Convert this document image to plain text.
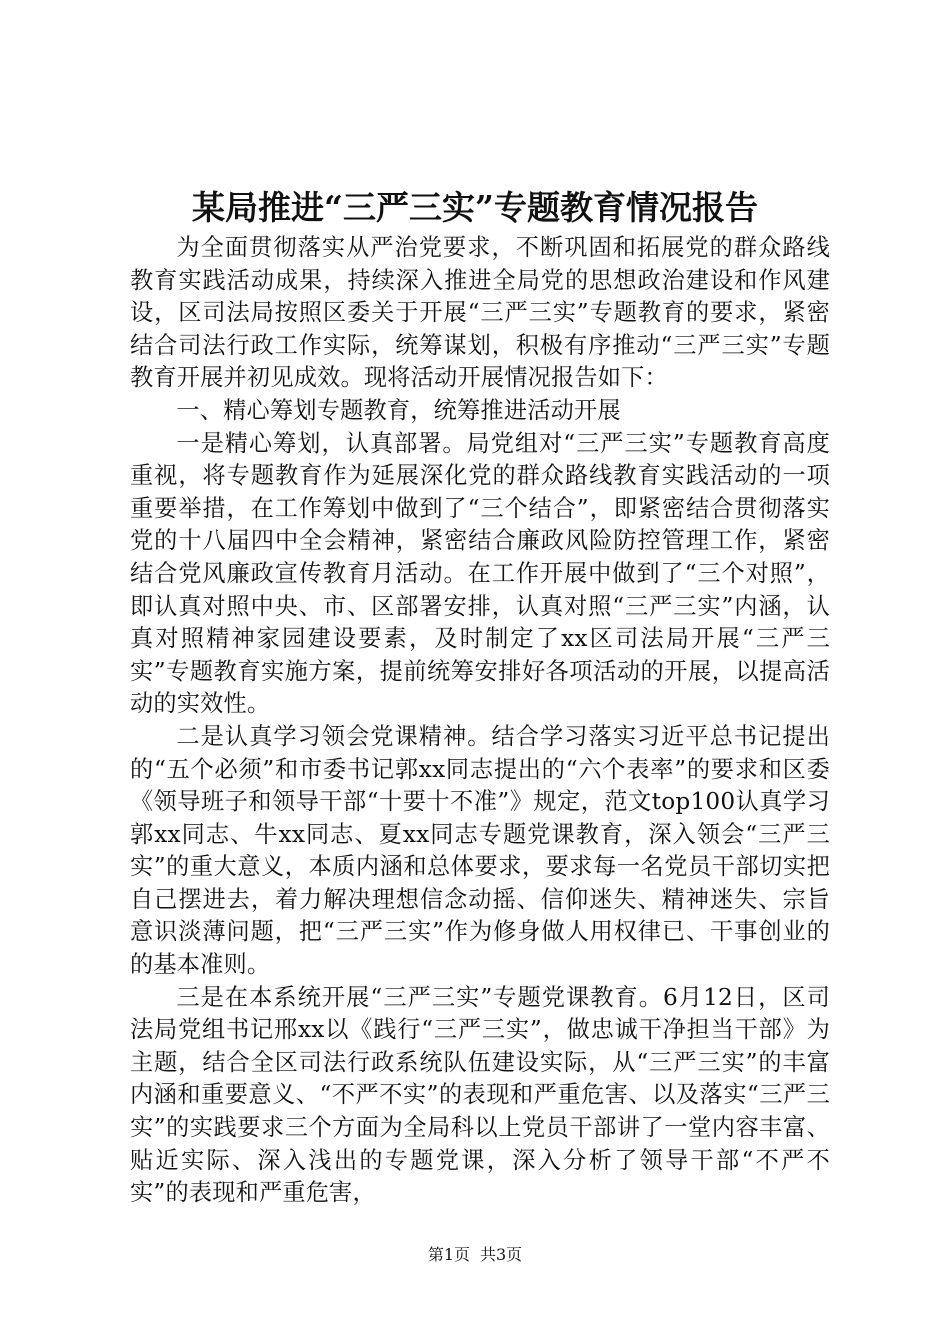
某局推进“三严三实”专题教育情况报告

为全面贯彻落实从严治党要求，不断巩固和拓展党的群众路线教育实践活动成果，持续深入推进全局党的思想政治建设和作风建设，区司法局按照区委关于开展“三严三实”专题教育的要求，紧密结合司法行政工作实际，统筹谋划，积极有序推动“三严三实”专题教育开展并初见成效。现将活动开展情况报告如下：

一、精心筹划专题教育，统筹推进活动开展

一是精心筹划，认真部署。局党组对“三严三实”专题教育高度重视，将专题教育作为延展深化党的群众路线教育实践活动的一项重要举措，在工作筹划中做到了“三个结合”，即紧密结合贯彻落实党的十八届四中全会精神，紧密结合廉政风险防控管理工作，紧密结合党风廉政宣传教育月活动。在工作开展中做到了“三个对照”，即认真对照中央、市、区部署安排，认真对照“三严三实”内涵，认真对照精神家园建设要素，及时制定了xx区司法局开展“三严三实”专题教育实施方案，提前统筹安排好各项活动的开展，以提高活动的实效性。

二是认真学习领会党课精神。结合学习落实习近平总书记提出的“五个必须”和市委书记郭xx同志提出的“六个表率”的要求和区委《领导班子和领导干部“十要十不准”》规定，范文top100认真学习郭xx同志、牛xx同志、夏xx同志专题党课教育，深入领会“三严三实”的重大意义，本质内涵和总体要求，要求每一名党员干部切实把自己摆进去，着力解决理想信念动摇、信仰迷失、精神迷失、宗旨意识淡薄问题，把“三严三实”作为修身做人用权律已、干事创业的的基本准则。

三是在本系统开展“三严三实”专题党课教育。6月12日，区司法局党组书记邢xx以《践行“三严三实”，做忠诚干净担当干部》为主题，结合全区司法行政系统队伍建设实际，从“三严三实”的丰富内涵和重要意义、“不严不实”的表现和严重危害、以及落实“三严三实”的实践要求三个方面为全局科以上党员干部讲了一堂内容丰富、贴近实际、深入浅出的专题党课，深入分析了领导干部“不严不实”的表现和严重危害，

第1页 共3页
